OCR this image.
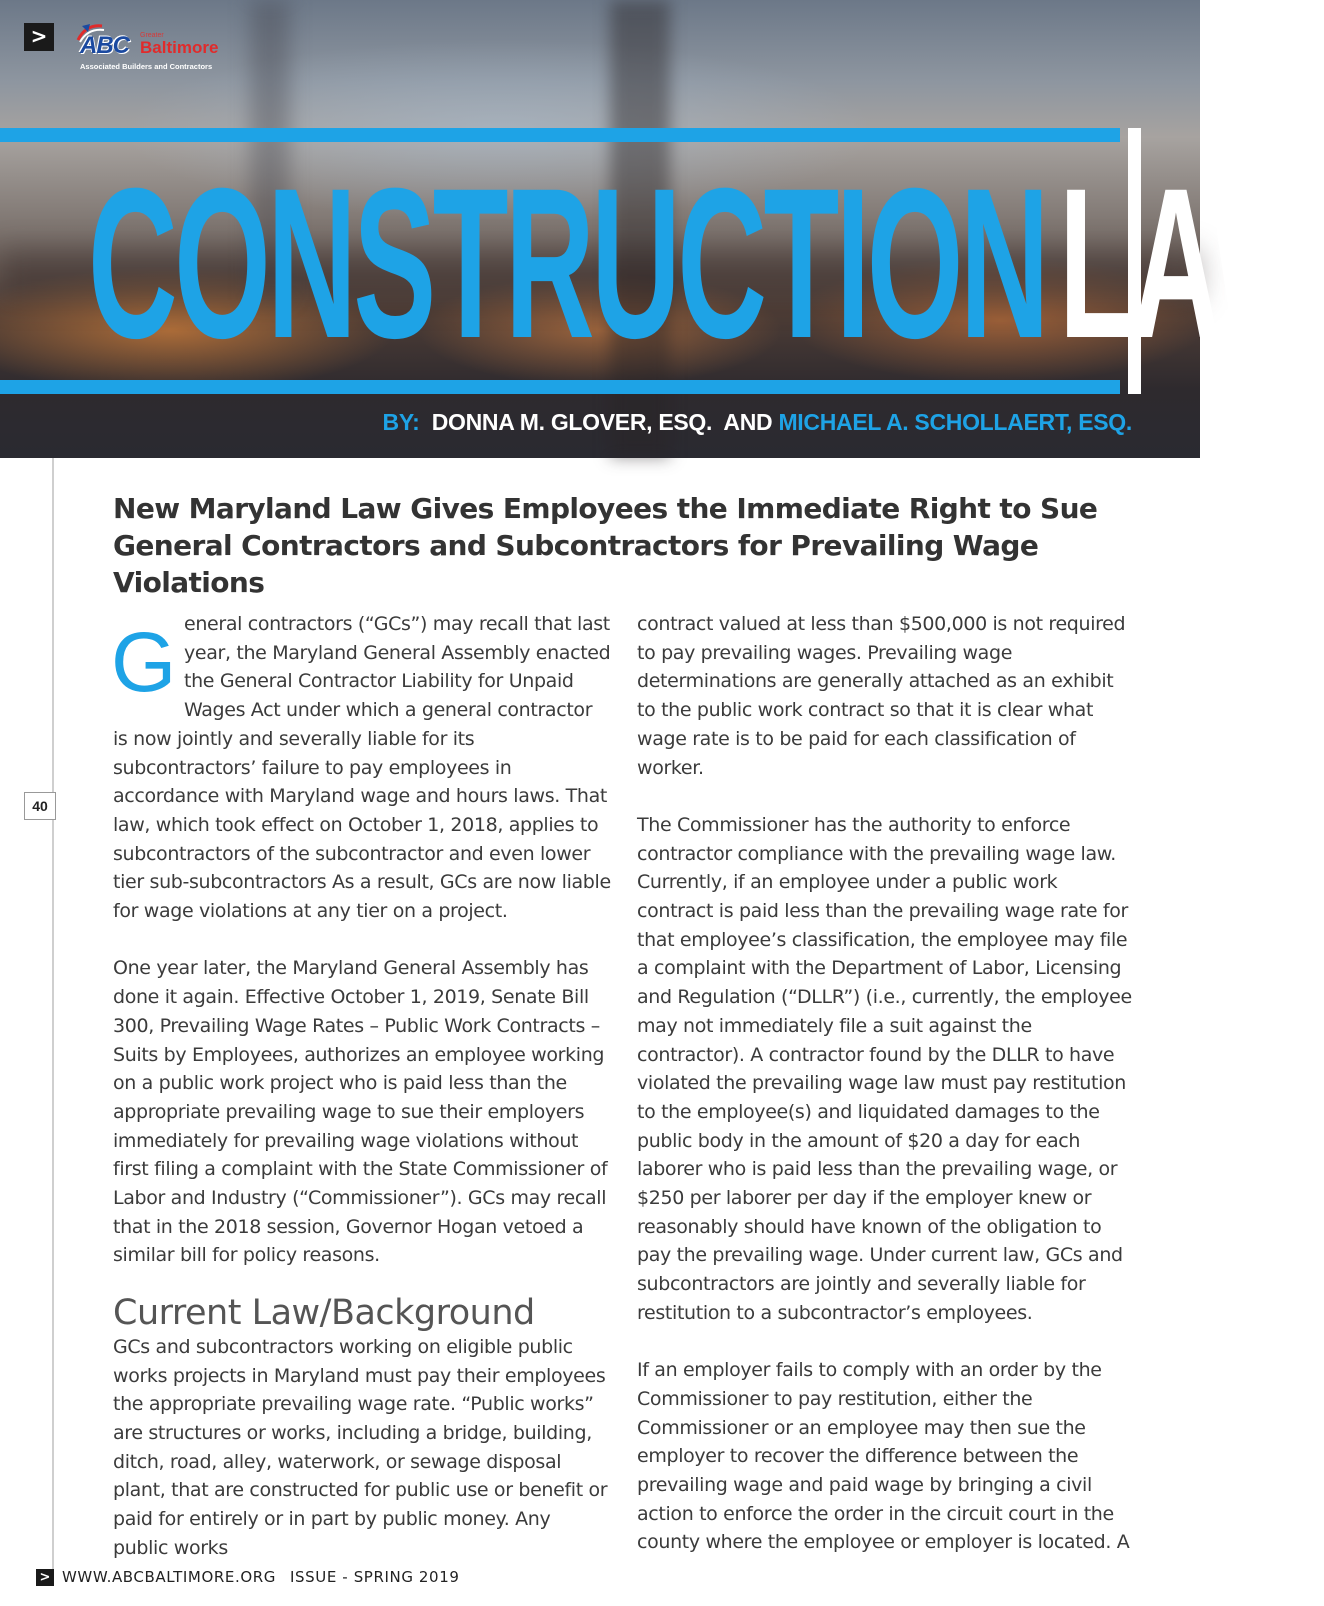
> ABC Greater
Baltimore
Associated Builders and Contractors
CONSTRUCTIONLAW
BY: DONNA M. GLOVER, ESQ. AND MICHAEL A. SCHOLLAERT, ESQ.
40
New Maryland Law Gives Employees the Immediate Right to Sue General Contractors and Subcontractors for Prevailing Wage Violations

General contractors (“GCs”) may recall that last year, the Maryland General Assembly enacted the General Contractor Liability for Unpaid Wages Act under which a general contractor is now jointly and severally liable for its subcontractors’ failure to pay employees in accordance with Maryland wage and hours laws. That law, which took effect on October 1, 2018, applies to subcontractors of the subcontractor and even lower tier sub-subcontractors As a result, GCs are now liable for wage violations at any tier on a project.

One year later, the Maryland General Assembly has done it again. Effective October 1, 2019, Senate Bill 300, Prevailing Wage Rates – Public Work Contracts – Suits by Employees, authorizes an employee working on a public work project who is paid less than the appropriate prevailing wage to sue their employers immediately for prevailing wage violations without first filing a complaint with the State Commissioner of Labor and Industry (“Commissioner”). GCs may recall that in the 2018 session, Governor Hogan vetoed a similar bill for policy reasons.

Current Law/Background

GCs and subcontractors working on eligible public works projects in Maryland must pay their employees the appropriate prevailing wage rate. “Public works” are structures or works, including a bridge, building, ditch, road, alley, waterwork, or sewage disposal plant, that are constructed for public use or benefit or paid for entirely or in part by public money. Any public works

contract valued at less than $500,000 is not required to pay prevailing wages. Prevailing wage determinations are generally attached as an exhibit to the public work contract so that it is clear what wage rate is to be paid for each classification of worker.

The Commissioner has the authority to enforce contractor compliance with the prevailing wage law. Currently, if an employee under a public work contract is paid less than the prevailing wage rate for that employee’s classification, the employee may file a complaint with the Department of Labor, Licensing and Regulation (“DLLR”) (i.e., currently, the employee may not immediately file a suit against the contractor). A contractor found by the DLLR to have violated the prevailing wage law must pay restitution to the employee(s) and liquidated damages to the public body in the amount of $20 a day for each laborer who is paid less than the prevailing wage, or $250 per laborer per day if the employer knew or reasonably should have known of the obligation to pay the prevailing wage. Under current law, GCs and subcontractors are jointly and severally liable for restitution to a subcontractor’s employees.

If an employer fails to comply with an order by the Commissioner to pay restitution, either the Commissioner or an employee may then sue the employer to recover the difference between the prevailing wage and paid wage by bringing a civil action to enforce the order in the circuit court in the county where the employee or employer is located. A

> WWW.ABCBALTIMORE.ORG ISSUE - SPRING 2019
